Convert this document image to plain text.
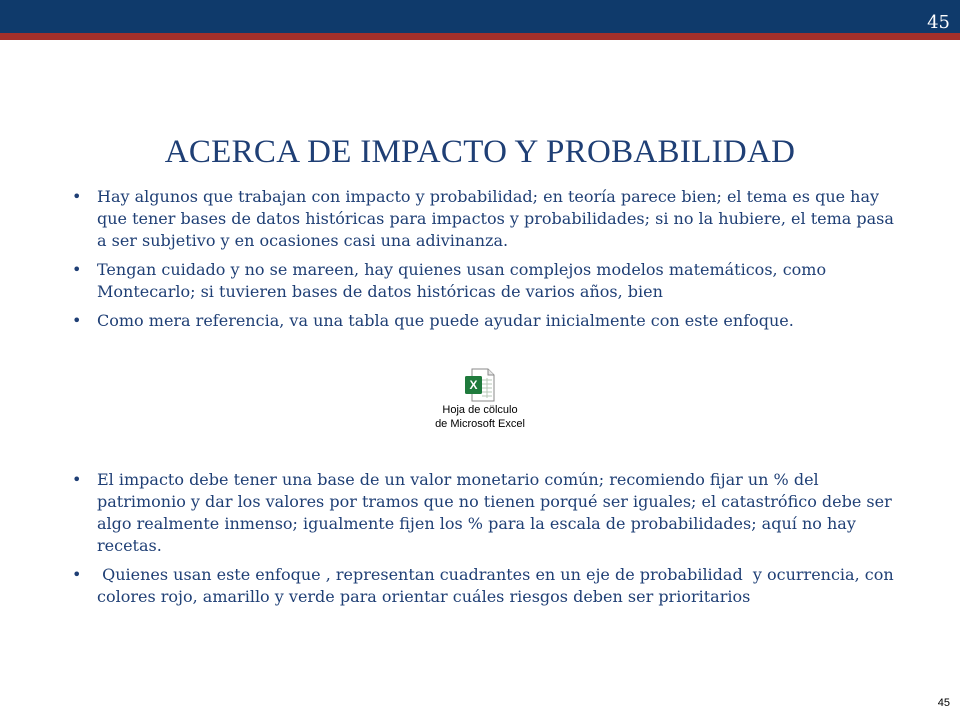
45
ACERCA DE IMPACTO Y PROBABILIDAD
• Hay algunos que trabajan con impacto y probabilidad; en teoría parece bien; el tema es que hay que tener bases de datos históricas para impactos y probabilidades; si no la hubiere, el tema pasa a ser subjetivo y en ocasiones casi una adivinanza.
• Tengan cuidado y no se mareen, hay quienes usan complejos modelos matemáticos, como Montecarlo; si tuvieren bases de datos históricas de varios años, bien
• Como mera referencia, va una tabla que puede ayudar inicialmente con este enfoque.
X
Hoja de cölculo
de Microsoft Excel
• El impacto debe tener una base de un valor monetario común; recomiendo fijar un % del patrimonio y dar los valores por tramos que no tienen porqué ser iguales; el catastrófico debe ser algo realmente inmenso; igualmente fijen los % para la escala de probabilidades; aquí no hay recetas.
• Quienes usan este enfoque , representan cuadrantes en un eje de probabilidad  y ocurrencia, con colores rojo, amarillo y verde para orientar cuáles riesgos deben ser prioritarios
45
